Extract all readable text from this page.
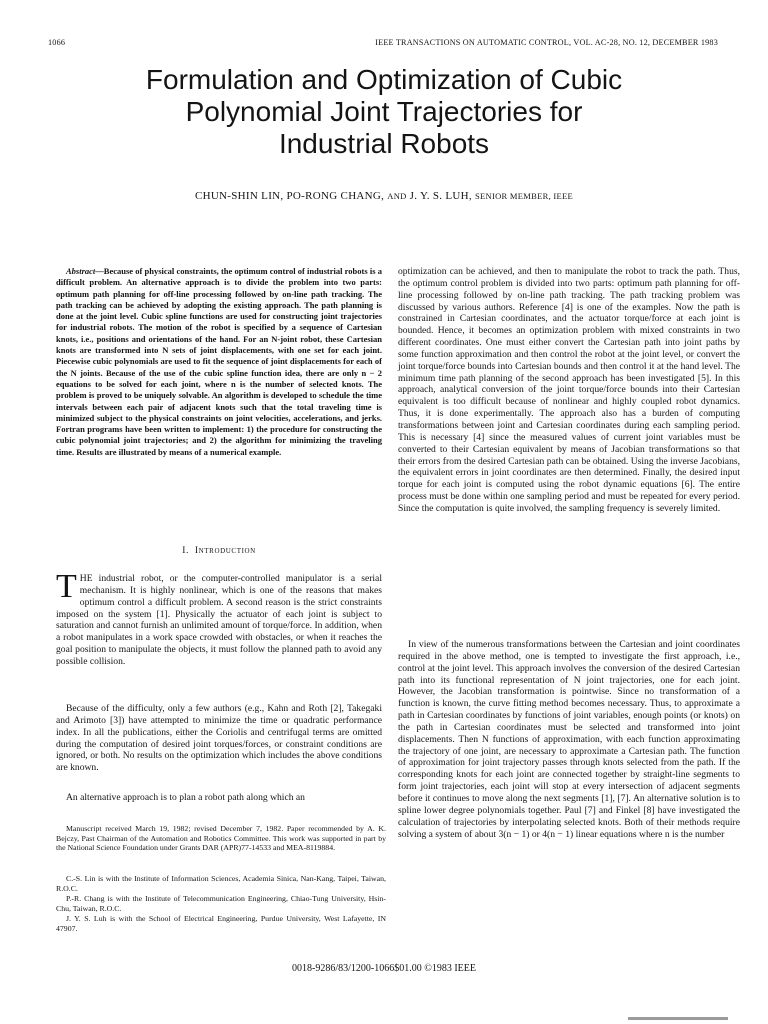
1066	IEEE TRANSACTIONS ON AUTOMATIC CONTROL, VOL. AC-28, NO. 12, DECEMBER 1983
Formulation and Optimization of Cubic
Polynomial Joint Trajectories for
Industrial Robots
CHUN-SHIN LIN, PO-RONG CHANG, AND J. Y. S. LUH, SENIOR MEMBER, IEEE

Abstract—Because of physical constraints, the optimum control of industrial robots is a difficult problem. An alternative approach is to divide the problem into two parts: optimum path planning for off-line processing followed by on-line path tracking. The path tracking can be achieved by adopting the existing approach. The path planning is done at the joint level. Cubic spline functions are used for constructing joint trajectories for industrial robots. The motion of the robot is specified by a sequence of Cartesian knots, i.e., positions and orientations of the hand. For an N-joint robot, these Cartesian knots are transformed into N sets of joint displacements, with one set for each joint. Piecewise cubic polynomials are used to fit the sequence of joint displacements for each of the N joints. Because of the use of the cubic spline function idea, there are only n − 2 equations to be solved for each joint, where n is the number of selected knots. The problem is proved to be uniquely solvable. An algorithm is developed to schedule the time intervals between each pair of adjacent knots such that the total traveling time is minimized subject to the physical constraints on joint velocities, accelerations, and jerks. Fortran programs have been written to implement: 1) the procedure for constructing the cubic polynomial joint trajectories; and 2) the algorithm for minimizing the traveling time. Results are illustrated by means of a numerical example.

I. Introduction

THE industrial robot, or the computer-controlled manipulator is a serial mechanism. It is highly nonlinear, which is one of the reasons that makes optimum control a difficult problem. A second reason is the strict constraints imposed on the system [1]. Physically the actuator of each joint is subject to saturation and cannot furnish an unlimited amount of torque/force. In addition, when a robot manipulates in a work space crowded with obstacles, or when it reaches the goal position to manipulate the objects, it must follow the planned path to avoid any possible collision.

Because of the difficulty, only a few authors (e.g., Kahn and Roth [2], Takegaki and Arimoto [3]) have attempted to minimize the time or quadratic performance index. In all the publications, either the Coriolis and centrifugal terms are omitted during the computation of desired joint torques/forces, or constraint conditions are ignored, or both. No results on the optimization which includes the above conditions are known.

An alternative approach is to plan a robot path along which an

Manuscript received March 19, 1982; revised December 7, 1982. Paper recommended by A. K. Bejczy, Past Chairman of the Automation and Robotics Committee. This work was supported in part by the National Science Foundation under Grants DAR (APR)77-14533 and MEA-8119884.

C.-S. Lin is with the Institute of Information Sciences, Academia Sinica, Nan-Kang, Taipei, Taiwan, R.O.C.

P.-R. Chang is with the Institute of Telecommunication Engineering, Chiao-Tung University, Hsin-Chu, Taiwan, R.O.C.

J. Y. S. Luh is with the School of Electrical Engineering, Purdue University, West Lafayette, IN 47907.

optimization can be achieved, and then to manipulate the robot to track the path. Thus, the optimum control problem is divided into two parts: optimum path planning for off-line processing followed by on-line path tracking. The path tracking problem was discussed by various authors. Reference [4] is one of the examples. Now the path is constrained in Cartesian coordinates, and the actuator torque/force at each joint is bounded. Hence, it becomes an optimization problem with mixed constraints in two different coordinates. One must either convert the Cartesian path into joint paths by some function approximation and then control the robot at the joint level, or convert the joint torque/force bounds into Cartesian bounds and then control it at the hand level. The minimum time path planning of the second approach has been investigated [5]. In this approach, analytical conversion of the joint torque/force bounds into their Cartesian equivalent is too difficult because of nonlinear and highly coupled robot dynamics. Thus, it is done experimentally. The approach also has a burden of computing transformations between joint and Cartesian coordinates during each sampling period. This is necessary [4] since the measured values of current joint variables must be converted to their Cartesian equivalent by means of Jacobian transformations so that their errors from the desired Cartesian path can be obtained. Using the inverse Jacobians, the equivalent errors in joint coordinates are then determined. Finally, the desired input torque for each joint is computed using the robot dynamic equations [6]. The entire process must be done within one sampling period and must be repeated for every period. Since the computation is quite involved, the sampling frequency is severely limited.

In view of the numerous transformations between the Cartesian and joint coordinates required in the above method, one is tempted to investigate the first approach, i.e., control at the joint level. This approach involves the conversion of the desired Cartesian path into its functional representation of N joint trajectories, one for each joint. However, the Jacobian transformation is pointwise. Since no transformation of a function is known, the curve fitting method becomes necessary. Thus, to approximate a path in Cartesian coordinates by functions of joint variables, enough points (or knots) on the path in Cartesian coordinates must be selected and transformed into joint displacements. Then N functions of approximation, with each function approximating the trajectory of one joint, are necessary to approximate a Cartesian path. The function of approximation for joint trajectory passes through knots selected from the path. If the corresponding knots for each joint are connected together by straight-line segments to form joint trajectories, each joint will stop at every intersection of adjacent segments before it continues to move along the next segments [1], [7]. An alternative solution is to spline lower degree polynomials together. Paul [7] and Finkel [8] have investigated the calculation of trajectories by interpolating selected knots. Both of their methods require solving a system of about 3(n − 1) or 4(n − 1) linear equations where n is the number

0018-9286/83/1200-1066$01.00 ©1983 IEEE
